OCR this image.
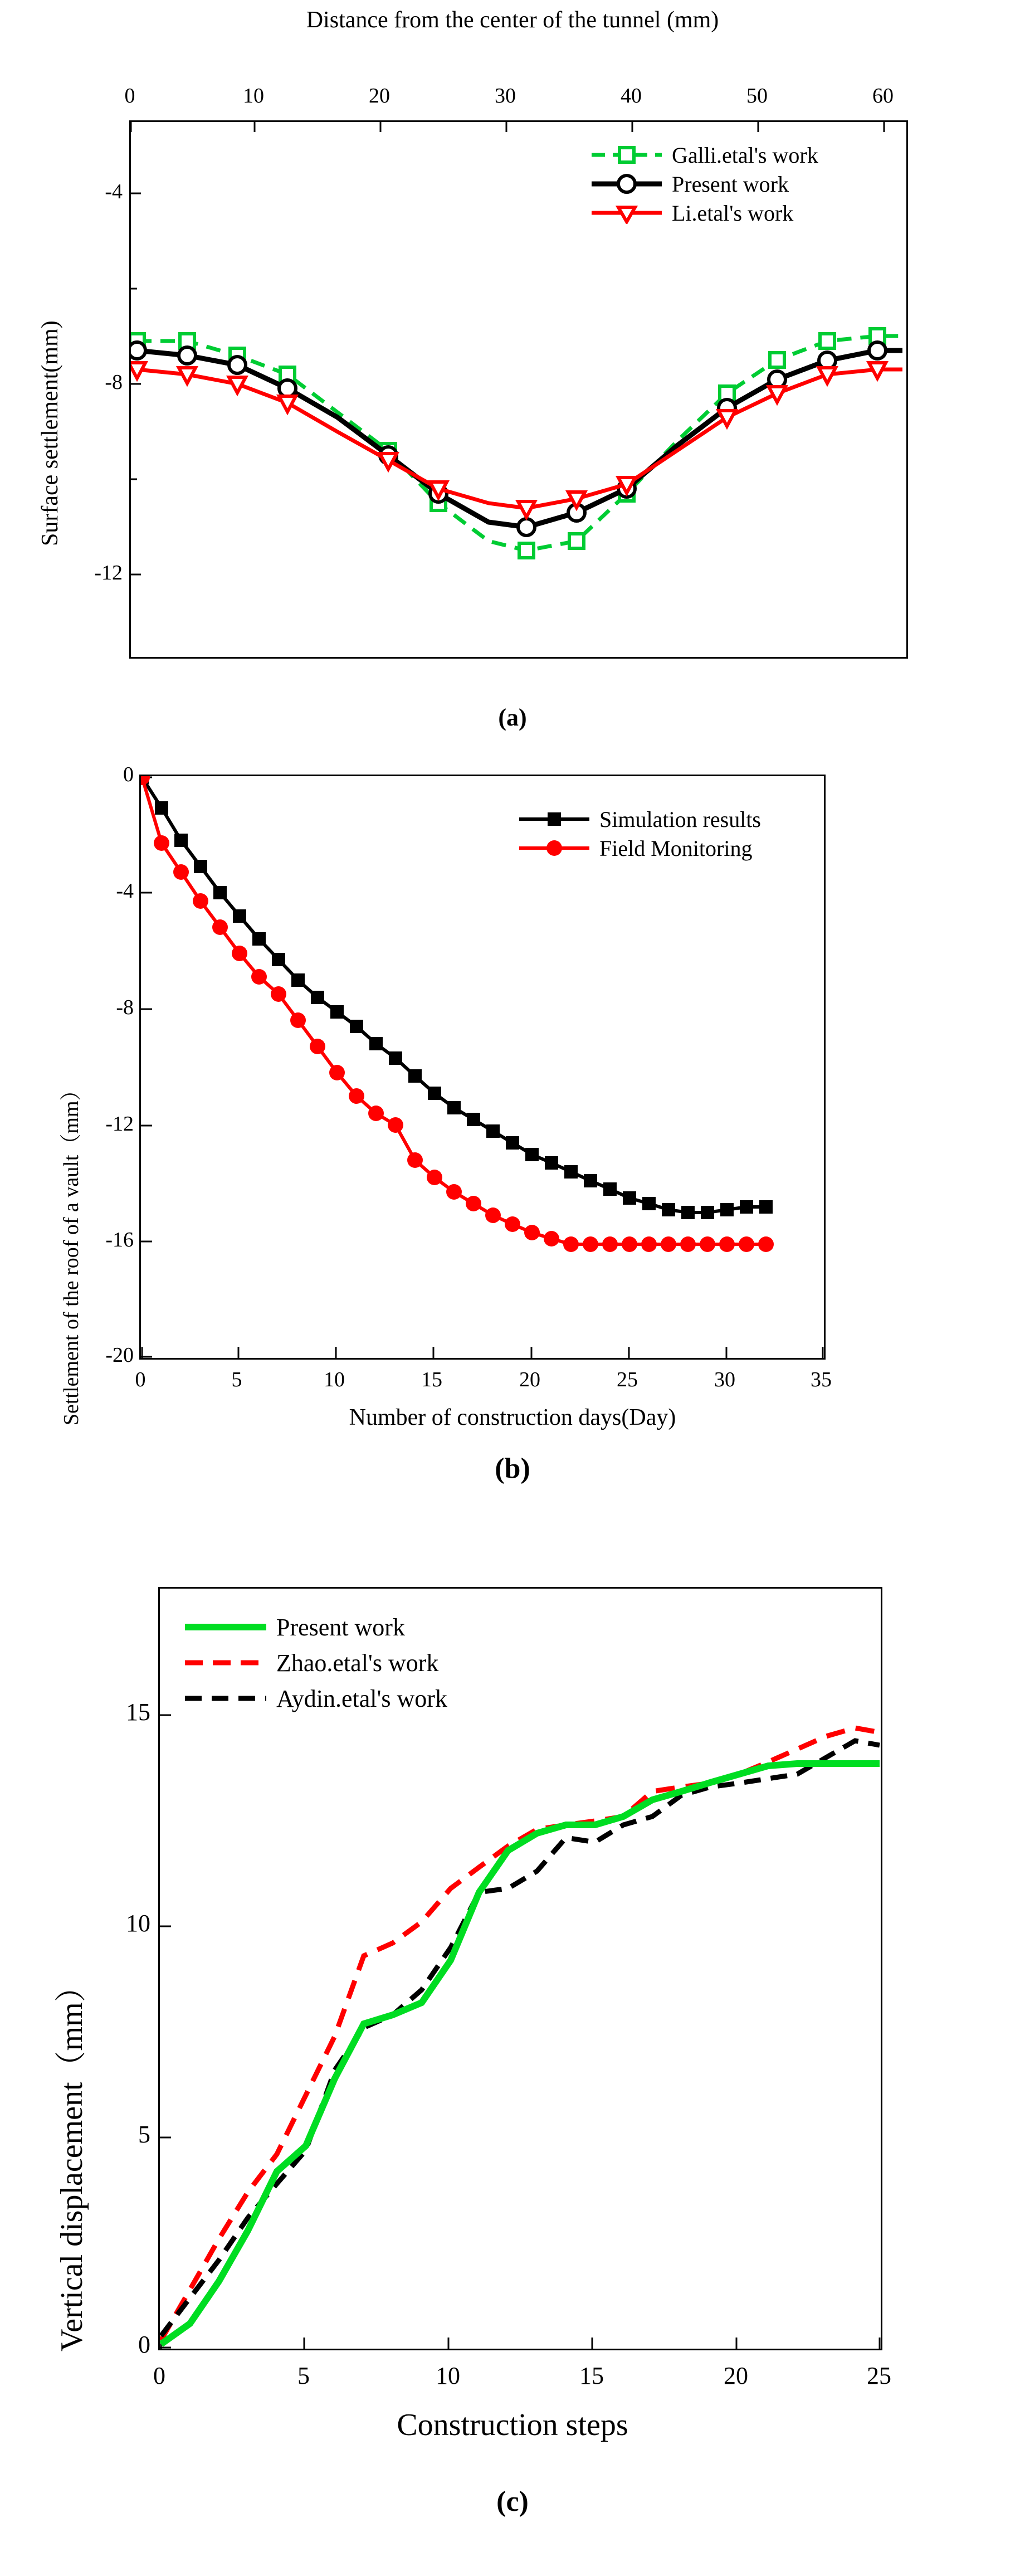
Distance from the center of the tunnel (mm)
Surface settlement(mm)
0	10	20	30	40	50	60
-4
-8
-12
Galli.etal's work
Present work
Li.etal's work
(a)
Settlement of the roof of a vault（mm）
Simulation results
Field Monitoring
0
-4
-8
-12
-16
-20
0	5	10	15	20	25	30	35
Number of construction days(Day)
(b)
Vertical displacement（mm）
Present work
Zhao.etal's work
Aydin.etal's work
0
5
10
15
0	5	10	15	20	25
Construction steps
(c)
